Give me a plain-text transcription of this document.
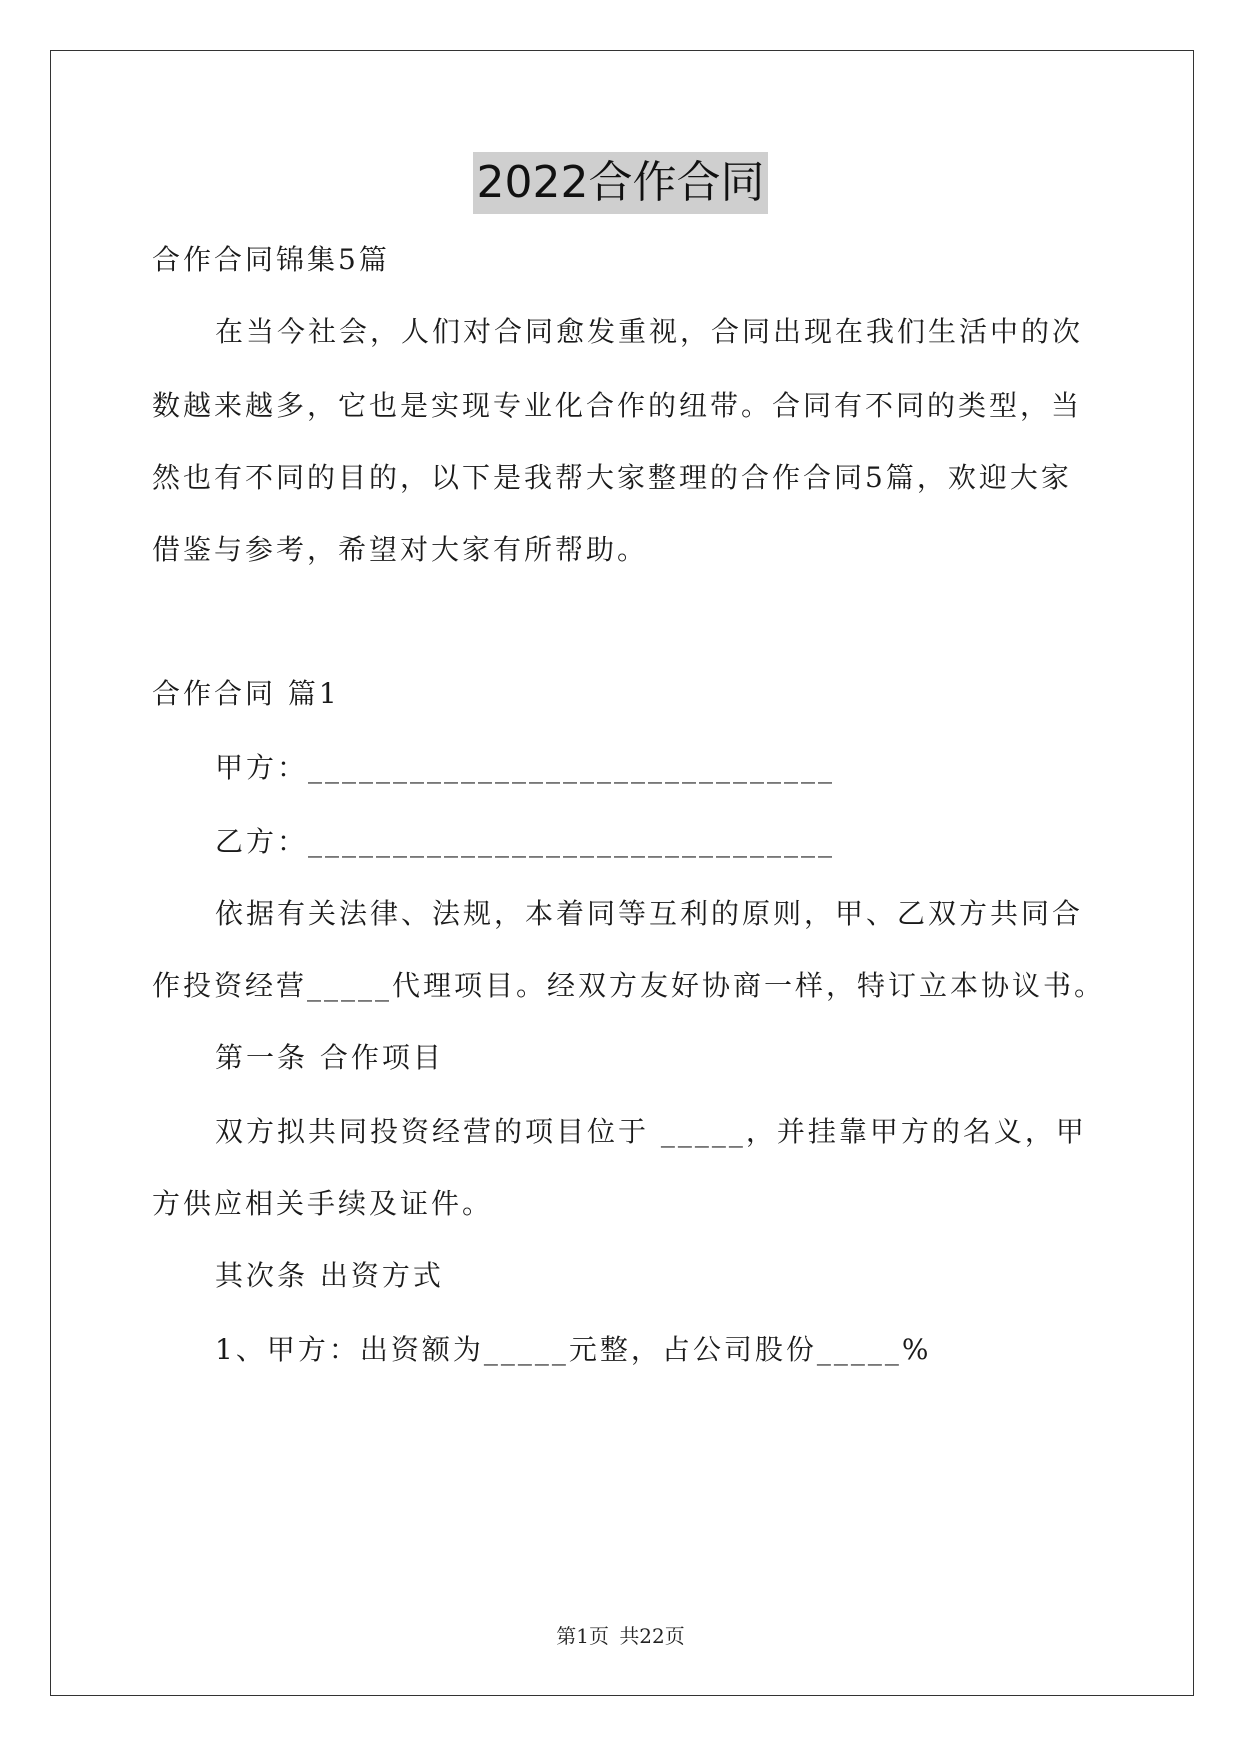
2022合作合同
合作合同锦集5篇
在当今社会，人们对合同愈发重视，合同出现在我们生活中的次
数越来越多，它也是实现专业化合作的纽带。合同有不同的类型，当
然也有不同的目的，以下是我帮大家整理的合作合同5篇，欢迎大家
借鉴与参考，希望对大家有所帮助。
合作合同 篇1
甲方：_______________________________
乙方：_______________________________
依据有关法律、法规，本着同等互利的原则，甲、乙双方共同合
作投资经营_____代理项目。经双方友好协商一样，特订立本协议书。
第一条 合作项目
双方拟共同投资经营的项目位于 _____，并挂靠甲方的名义，甲
方供应相关手续及证件。
其次条 出资方式
1、甲方：出资额为_____元整，占公司股份_____%
第1页 共22页
